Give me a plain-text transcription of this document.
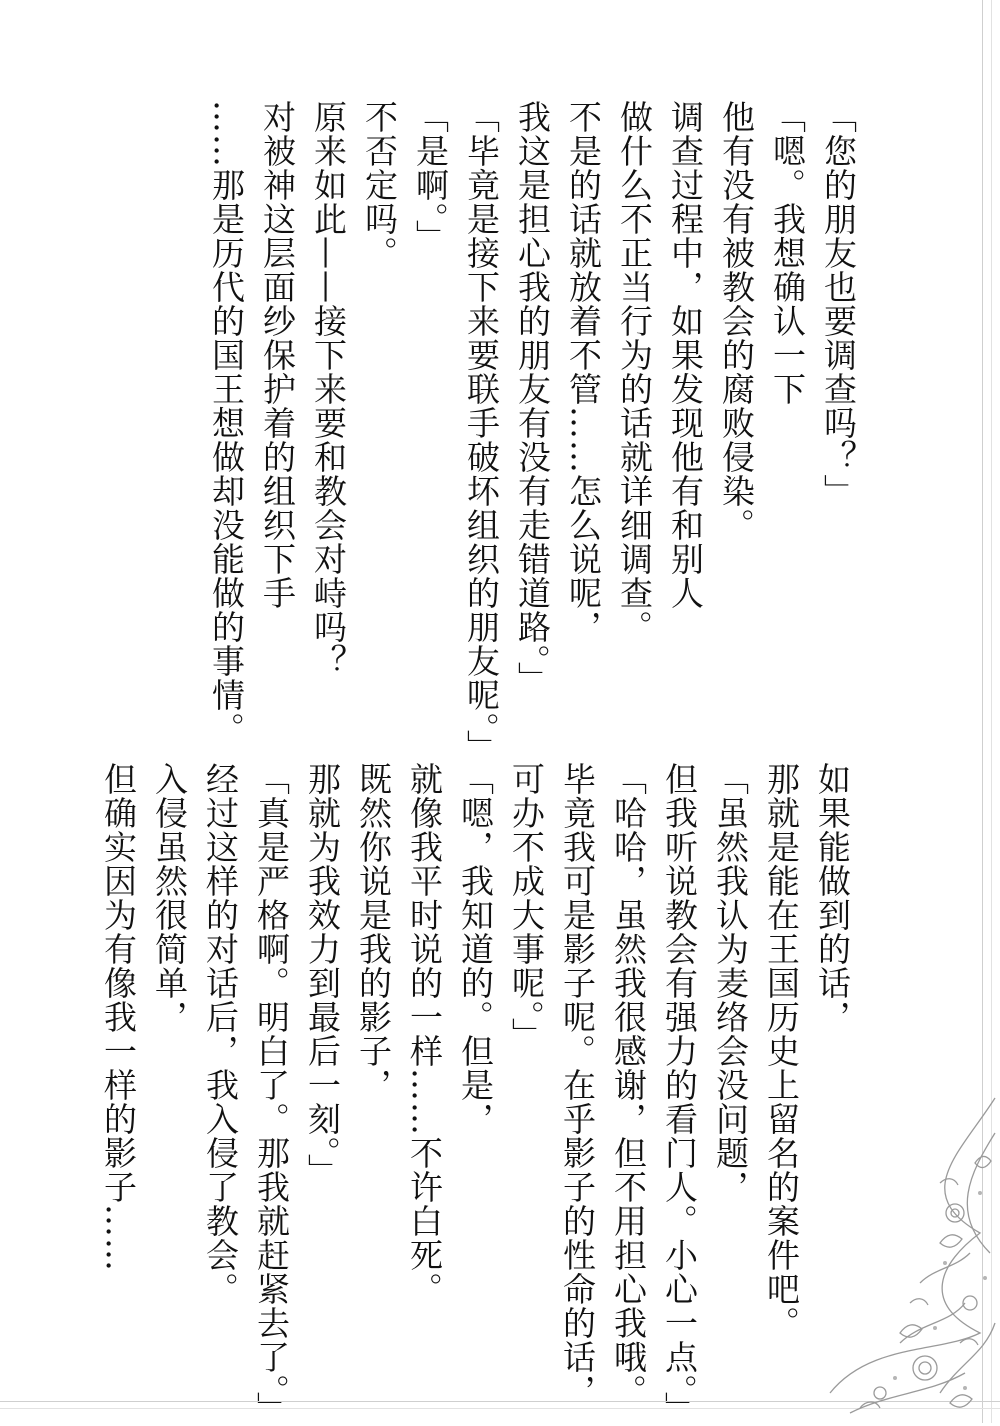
「您的朋友也要调查吗？」
「嗯。我想确认一下
他有没有被教会的腐败侵染。
调查过程中，如果发现他有和别人
做什么不正当行为的话就详细调查。
不是的话就放着不管……怎么说呢，
我这是担心我的朋友有没有走错道路。」
「毕竟是接下来要联手破坏组织的朋友呢。」
「是啊。」
不否定吗。
原来如此——接下来要和教会对峙吗？
对被神这层面纱保护着的组织下手
……那是历代的国王想做却没能做的事情。
如果能做到的话，
那就是能在王国历史上留名的案件吧。
「虽然我认为麦络会没问题，
但我听说教会有强力的看门人。小心一点。」
「哈哈，虽然我很感谢，但不用担心我哦。
毕竟我可是影子呢。在乎影子的性命的话，
可办不成大事呢。」
「嗯，我知道的。但是，
就像我平时说的一样……不许白死。
既然你说是我的影子，
那就为我效力到最后一刻。」
「真是严格啊。明白了。那我就赶紧去了。」
经过这样的对话后，我入侵了教会。
入侵虽然很简单，
但确实因为有像我一样的影子……
